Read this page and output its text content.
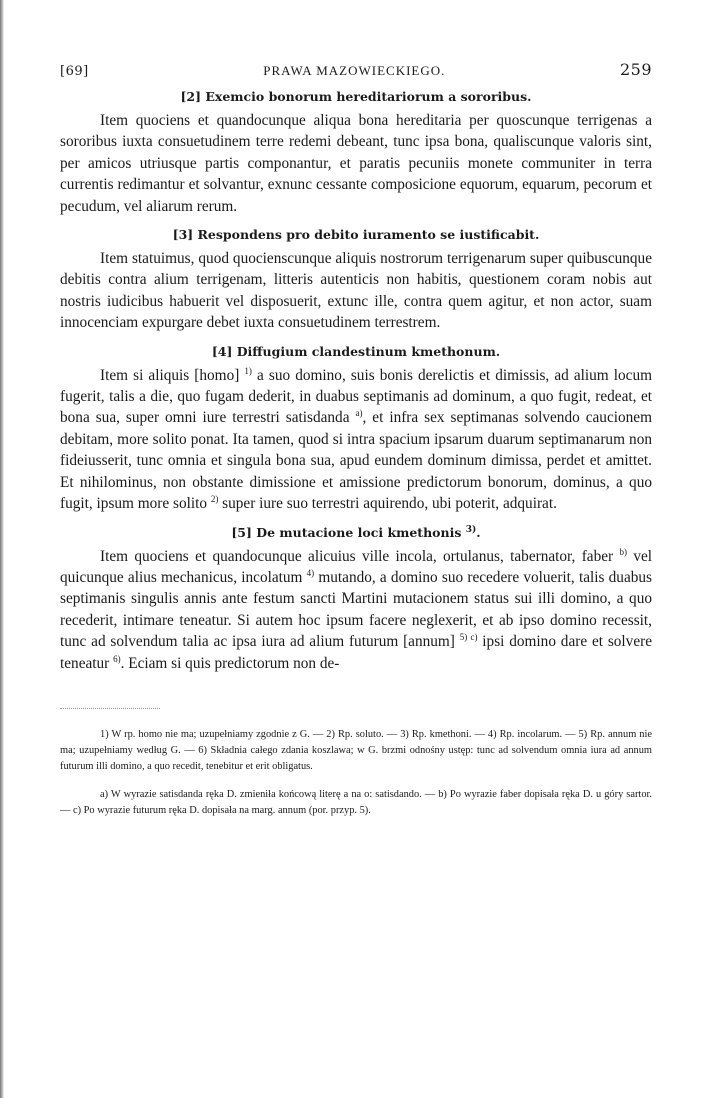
[69]	PRAWA MAZOWIECKIEGO.	259
[2] Exemcio bonorum hereditariorum a sororibus.

Item quociens et quandocunque aliqua bona hereditaria per quoscunque terrigenas a sororibus iuxta consuetudinem terre redemi debeant, tunc ipsa bona, qualiscunque valoris sint, per amicos utriusque partis componantur, et paratis pecuniis monete communiter in terra currentis redimantur et solvantur, exnunc cessante composicione equorum, equarum, pecorum et pecudum, vel aliarum rerum.

[3] Respondens pro debito iuramento se iustificabit.

Item statuimus, quod quocienscunque aliquis nostrorum terrigenarum super quibuscunque debitis contra alium terrigenam, litteris autenticis non habitis, questionem coram nobis aut nostris iudicibus habuerit vel disposuerit, extunc ille, contra quem agitur, et non actor, suam innocenciam expurgare debet iuxta consuetudinem terrestrem.

[4] Diffugium clandestinum kmethonum.

Item si aliquis [homo] $^{1)}$ a suo domino, suis bonis derelictis et dimissis, ad alium locum fugerit, talis a die, quo fugam dederit, in duabus septimanis ad dominum, a quo fugit, redeat, et bona sua, super omni iure terrestri satisdanda $^{a)}$, et infra sex septimanas solvendo caucionem debitam, more solito ponat. Ita tamen, quod si intra spacium ipsarum duarum septimanarum non fideiusserit, tunc omnia et singula bona sua, apud eundem dominum dimissa, perdet et amittet. Et nihilominus, non obstante dimissione et amissione predictorum bonorum, dominus, a quo fugit, ipsum more solito $^{2)}$ super iure suo terrestri aquirendo, ubi poterit, adquirat.

[5] De mutacione loci kmethonis $^{3)}$.

Item quociens et quandocunque alicuius ville incola, ortulanus, tabernator, faber $^{b)}$ vel quicunque alius mechanicus, incolatum $^{4)}$ mutando, a domino suo recedere voluerit, talis duabus septimanis singulis annis ante festum sancti Martini mutacionem status sui illi domino, a quo recederit, intimare teneatur. Si autem hoc ipsum facere neglexerit, et ab ipso domino recessit, tunc ad solvendum talia ac ipsa iura ad alium futurum [annum] $^{5) c)}$ ipsi domino dare et solvere teneatur $^{6)}$. Eciam si quis predictorum non de-

1) W rp. homo nie ma; uzupełniamy zgodnie z G. — 2) Rp. soluto. — 3) Rp. kmethoni. — 4) Rp. incolarum. — 5) Rp. annum nie ma; uzupełniamy według G. — 6) Składnia całego zdania koszlawa; w G. brzmi odnośny ustęp: tunc ad solvendum omnia iura ad annum futurum illi domino, a quo recedit, tenebitur et erit obligatus.

a) W wyrazie satisdanda ręka D. zmieniła końcową literę a na o: satisdando. — b) Po wyrazie faber dopisała ręka D. u góry sartor. — c) Po wyrazie futurum ręka D. dopisała na marg. annum (por. przyp. 5).
